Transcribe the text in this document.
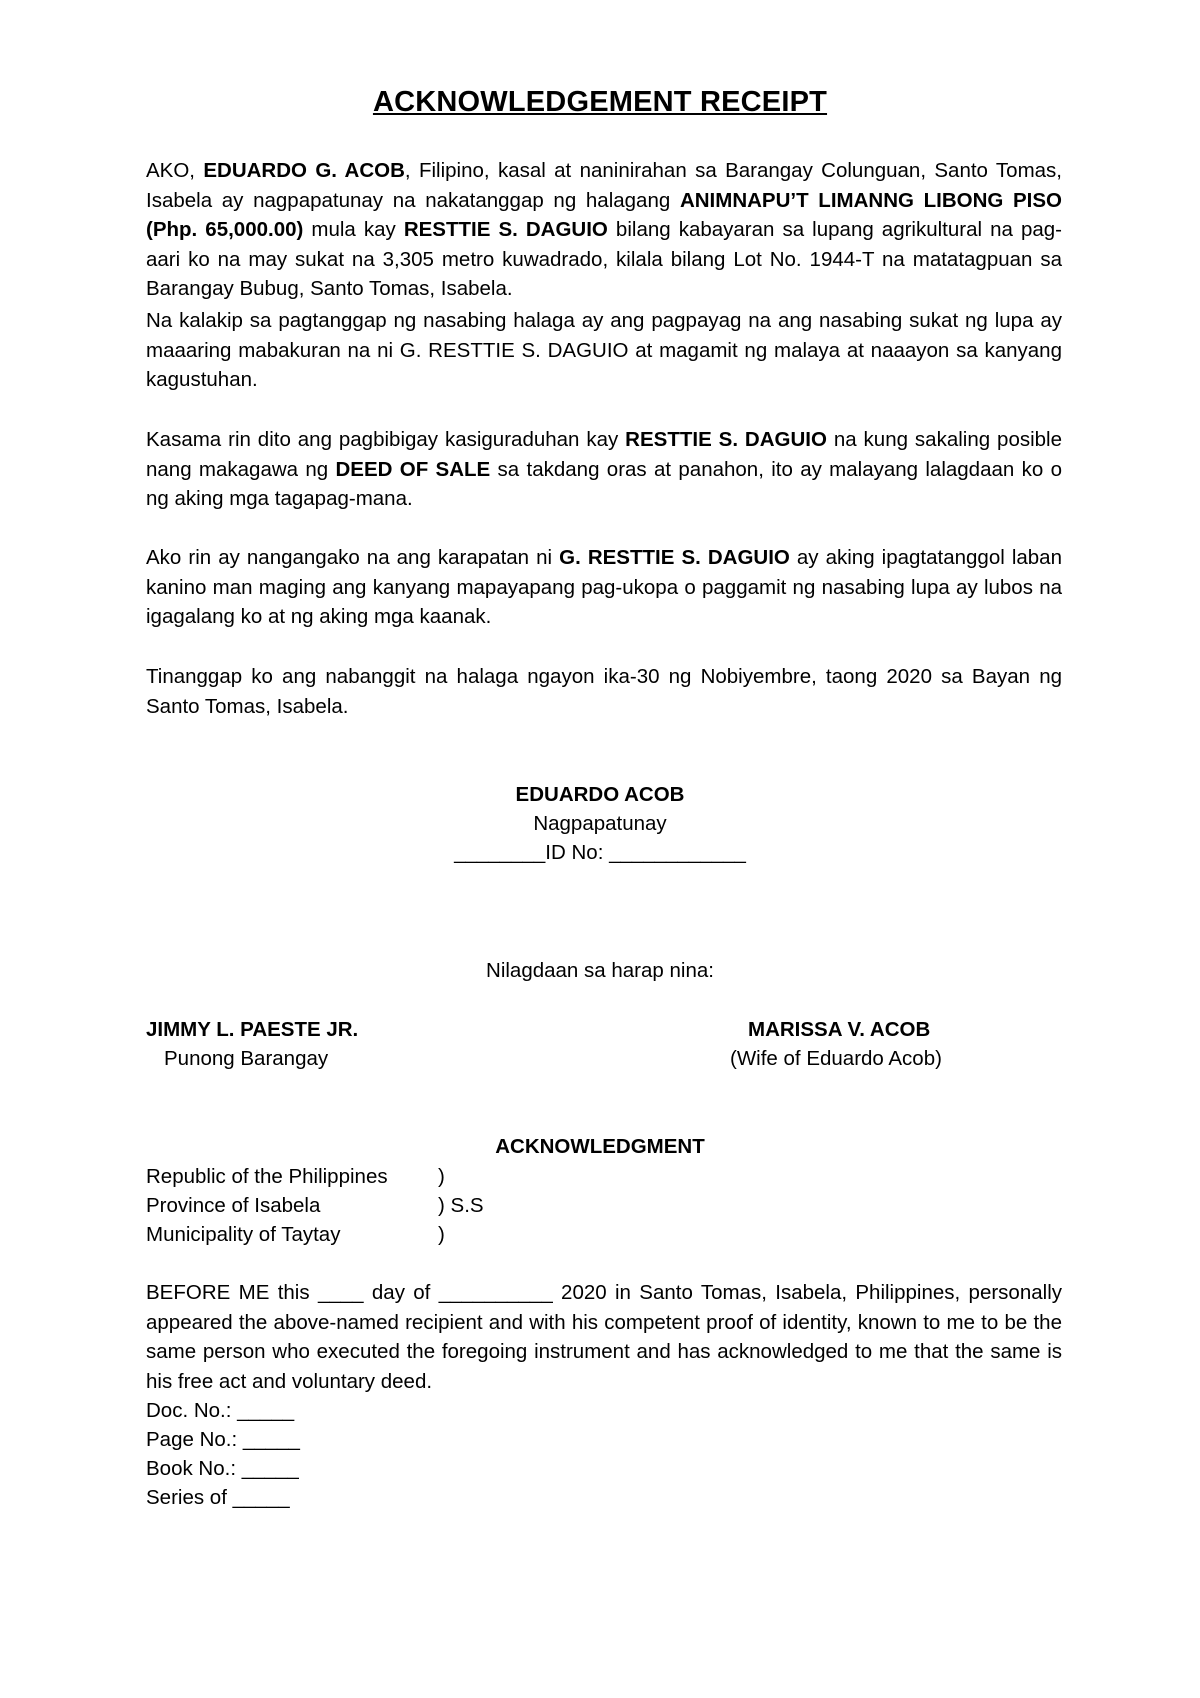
ACKNOWLEDGEMENT RECEIPT

AKO, EDUARDO G. ACOB, Filipino, kasal at naninirahan sa Barangay Colunguan, Santo Tomas, Isabela ay nagpapatunay na nakatanggap ng halagang ANIMNAPU’T LIMANNG LIBONG PISO (Php. 65,000.00) mula kay RESTTIE S. DAGUIO bilang kabayaran sa lupang agrikultural na pag-aari ko na may sukat na 3,305 metro kuwadrado, kilala bilang Lot No. 1944-T na matatagpuan sa Barangay Bubug, Santo Tomas, Isabela.

Na kalakip sa pagtanggap ng nasabing halaga ay ang pagpayag na ang nasabing sukat ng lupa ay maaaring mabakuran na ni G. RESTTIE S. DAGUIO at magamit ng malaya at naaayon sa kanyang kagustuhan.

Kasama rin dito ang pagbibigay kasiguraduhan kay RESTTIE S. DAGUIO na kung sakaling posible nang makagawa ng DEED OF SALE sa takdang oras at panahon, ito ay malayang lalagdaan ko o ng aking mga tagapag-mana.

Ako rin ay nangangako na ang karapatan ni G. RESTTIE S. DAGUIO ay aking ipagtatanggol laban kanino man maging ang kanyang mapayapang pag-ukopa o paggamit ng nasabing lupa ay lubos na igagalang ko at ng aking mga kaanak.

Tinanggap ko ang nabanggit na halaga ngayon ika-30 ng Nobiyembre, taong 2020 sa Bayan ng Santo Tomas, Isabela.

EDUARDO ACOB
Nagpapatunay
________ID No: ____________
Nilagdaan sa harap nina:
JIMMY L. PAESTE JR.
Punong Barangay
MARISSA V. ACOB
(Wife of Eduardo Acob)
ACKNOWLEDGMENT
Republic of the Philippines )
Province of Isabela	) S.S
Municipality of Taytay	)

BEFORE ME this ____ day of __________ 2020 in Santo Tomas, Isabela, Philippines, personally appeared the above-named recipient and with his competent proof of identity, known to me to be the same person who executed the foregoing instrument and has acknowledged to me that the same is his free act and voluntary deed.

Doc. No.: _____
Page No.: _____
Book No.: _____
Series of _____
